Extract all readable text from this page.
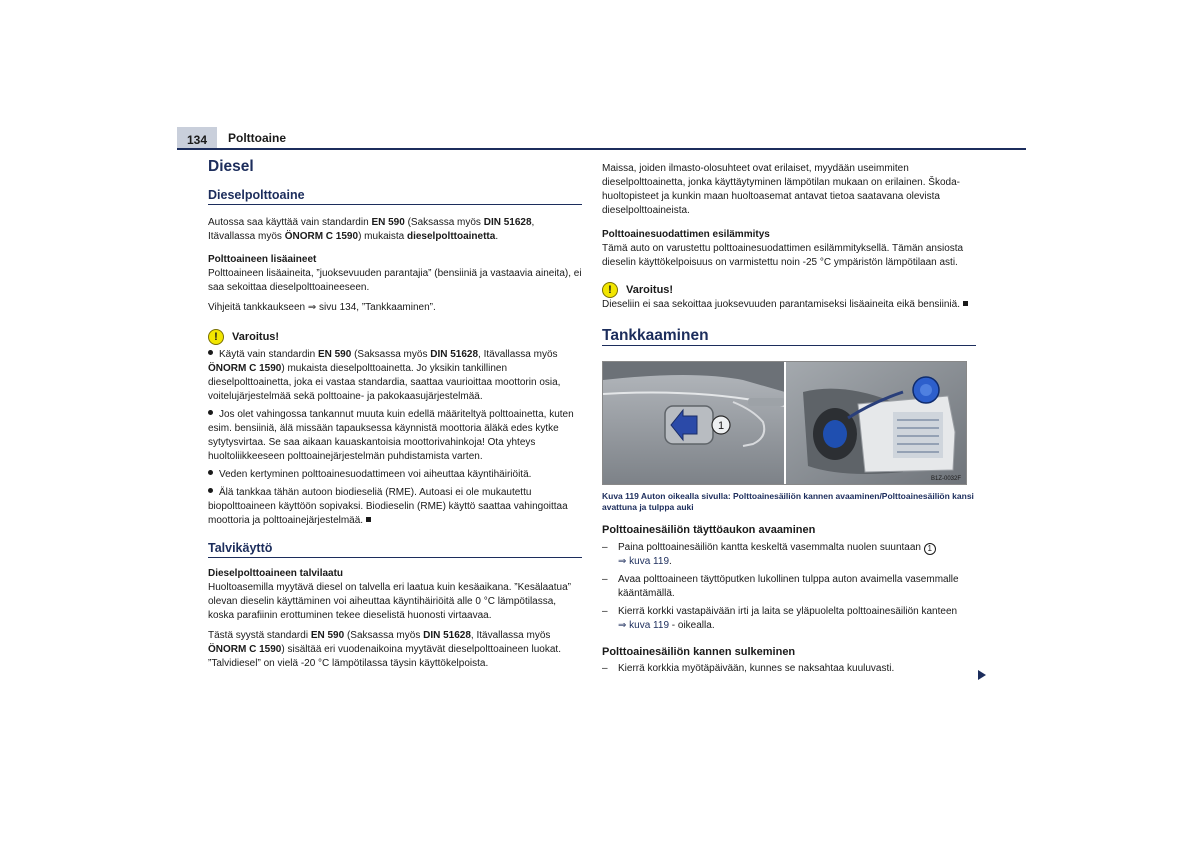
134	Polttoaine
Diesel
Dieselpolttoaine

Autossa saa käyttää vain standardin EN 590 (Saksassa myös DIN 51628, Itävallassa myös ÖNORM C 1590) mukaista dieselpolttoainetta.

Polttoaineen lisäaineet

Polttoaineen lisäaineita, ”juoksevuuden parantajia” (bensiiniä ja vastaavia aineita), ei saa sekoittaa dieselpolttoaineeseen.

Vihjeitä tankkaukseen ⇒ sivu 134, ”Tankkaaminen”.

!	Varoitus!

Käytä vain standardin EN 590 (Saksassa myös DIN 51628, Itävallassa myös ÖNORM C 1590) mukaista dieselpolttoainetta. Jo yksikin tankillinen dieselpolttoainetta, joka ei vastaa standardia, saattaa vaurioittaa moottorin osia, voitelujärjestelmää sekä polttoaine- ja pakokaasujärjestelmää.

Jos olet vahingossa tankannut muuta kuin edellä määriteltyä polttoainetta, kuten esim. bensiiniä, älä missään tapauksessa käynnistä moottoria äläkä edes kytke sytytysvirtaa. Se saa aikaan kauaskantoisia moottorivahinkoja! Ota yhteys huoltoliikkeeseen polttoainejärjestelmän puhdistamista varten.

Veden kertyminen polttoainesuodattimeen voi aiheuttaa käyntihäiriöitä.

Älä tankkaa tähän autoon biodieseliä (RME). Autoasi ei ole mukautettu biopolttoaineen käyttöön sopivaksi. Biodieselin (RME) käyttö saattaa vahingoittaa moottoria ja polttoainejärjestelmää.

Talvikäyttö
Dieselpolttoaineen talvilaatu

Huoltoasemilla myytävä diesel on talvella eri laatua kuin kesäaikana. ”Kesälaatua” olevan dieselin käyttäminen voi aiheuttaa käyntihäiriöitä alle 0 °C lämpötilassa, koska parafiinin erottuminen tekee dieselistä huonosti virtaavaa.

Tästä syystä standardi EN 590 (Saksassa myös DIN 51628, Itävallassa myös ÖNORM C 1590) sisältää eri vuodenaikoina myytävät dieselpolttoaineen luokat. ”Talvidiesel” on vielä -20 °C lämpötilassa täysin käyttökelpoista.

Maissa, joiden ilmasto-olosuhteet ovat erilaiset, myydään useimmiten dieselpolttoainetta, jonka käyttäytyminen lämpötilan mukaan on erilainen. Škoda-huoltopisteet ja kunkin maan huoltoasemat antavat tietoa saatavana olevista dieselpolttoaineista.

Polttoainesuodattimen esilämmitys

Tämä auto on varustettu polttoainesuodattimen esilämmityksellä. Tämän ansiosta dieselin käyttökelpoisuus on varmistettu noin -25 °C ympäristön lämpötilaan asti.

!	Varoitus!

Dieseliin ei saa sekoittaa juoksevuuden parantamiseksi lisäaineita eikä bensiiniä.

Tankkaaminen
1
B1Z-0032F

Kuva 119 Auton oikealla sivulla: Polttoainesäiliön kannen avaaminen/Polttoainesäiliön kansi avattuna ja tulppa auki

Polttoainesäiliön täyttöaukon avaaminen
– Paina polttoainesäiliön kantta keskeltä vasemmalta nuolen suuntaan 1
⇒ kuva 119.
– Avaa polttoaineen täyttöputken lukollinen tulppa auton avaimella vasemmalle kääntämällä.
– Kierrä korkki vastapäivään irti ja laita se yläpuolelta polttoainesäiliön kanteen
⇒ kuva 119 - oikealla.
Polttoainesäiliön kannen sulkeminen
– Kierrä korkkia myötäpäivään, kunnes se naksahtaa kuuluvasti.
